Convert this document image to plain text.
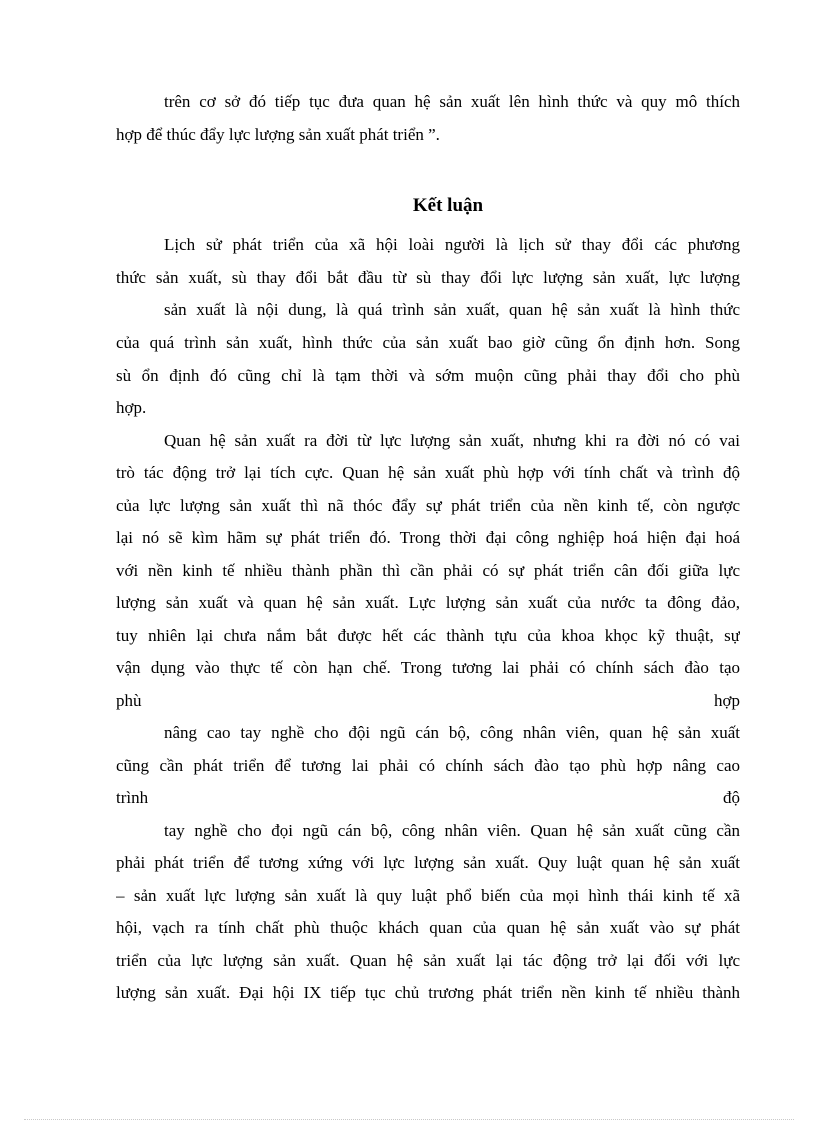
trên cơ sở đó tiếp tục đưa quan hệ sản xuất lên hình thức và quy mô thích
hợp để thúc đẩy lực lượng sản xuất phát triển ”.
Kết luận
Lịch sử phát triển của xã hội loài người là lịch sử thay đổi các phương
thức sản xuất, sù thay đổi bắt đầu từ sù thay đổi lực lượng sản xuất, lực lượng
sản xuất là nội dung, là quá trình sản xuất, quan hệ sản xuất là hình thức
của quá trình sản xuất, hình thức của sản xuất bao giờ cũng ổn định hơn. Song
sù ổn định đó cũng chỉ là tạm thời và sớm muộn cũng phải thay đổi cho phù
hợp.
Quan hệ sản xuất ra đời từ lực lượng sản xuất, nhưng khi ra đời nó có vai
trò tác động trở lại tích cực. Quan hệ sản xuất phù hợp với tính chất và trình độ
của lực lượng sản xuất thì nã thóc đẩy sự phát triển của nền kinh tế, còn ngược
lại nó sẽ kìm hãm sự phát triển đó. Trong thời đại công nghiệp hoá hiện đại hoá
với nền kinh tế nhiều thành phần thì cần phải có sự phát triển cân đối giữa lực
lượng sản xuất và quan hệ sản xuất. Lực lượng sản xuất của nước ta đông đảo,
tuy nhiên lại chưa nắm bắt được hết các thành tựu của khoa khọc kỹ thuật, sự
vận dụng vào thực tế còn hạn chế. Trong tương lai phải có chính sách đào tạo
phù hợp
nâng cao tay nghề cho đội ngũ cán bộ, công nhân viên, quan hệ sản xuất
cũng cần phát triển để tương lai phải có chính sách đào tạo phù hợp nâng cao
trình độ
tay nghề cho đọi ngũ cán bộ, công nhân viên. Quan hệ sản xuất cũng cần
phải phát triển để tương xứng với lực lượng sản xuất. Quy luật quan hệ sản xuất
– sản xuất lực lượng sản xuất là quy luật phổ biến của mọi hình thái kinh tế xã
hội, vạch ra tính chất phù thuộc khách quan của quan hệ sản xuất vào sự phát
triển của lực lượng sản xuất. Quan hệ sản xuất lại tác động trở lại đối với lực
lượng sản xuất. Đại hội IX tiếp tục chủ trương phát triển nền kinh tế nhiều thành
